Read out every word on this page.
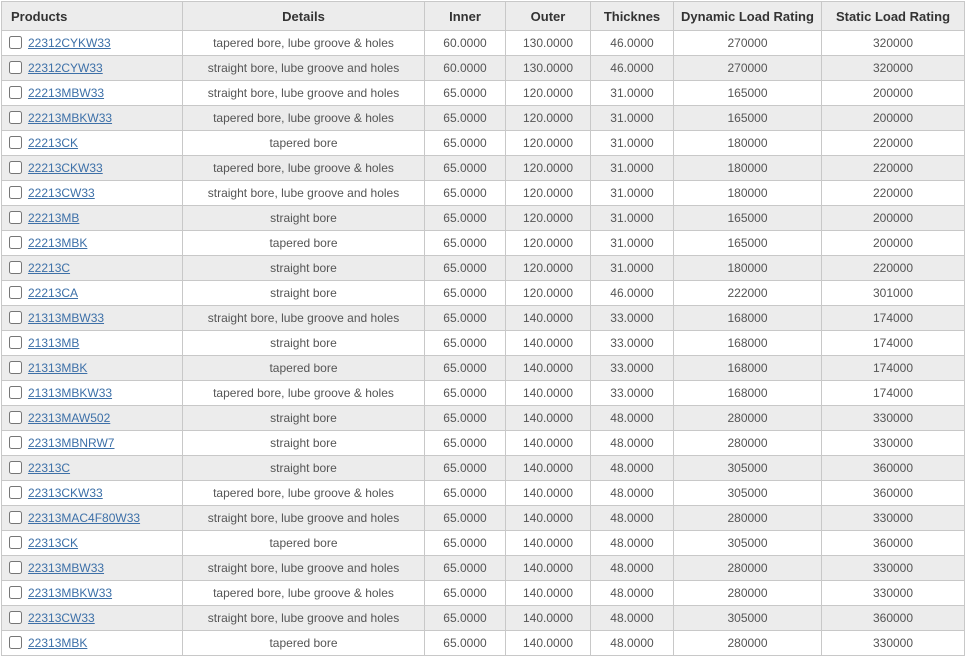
Products	Details	Inner	Outer	Thicknes	Dynamic Load Rating	Static Load Rating
22312CYKW33	tapered bore, lube groove & holes	60.0000	130.0000	46.0000	270000	320000
22312CYW33	straight bore, lube groove and holes	60.0000	130.0000	46.0000	270000	320000
22213MBW33	straight bore, lube groove and holes	65.0000	120.0000	31.0000	165000	200000
22213MBKW33	tapered bore, lube groove & holes	65.0000	120.0000	31.0000	165000	200000
22213CK	tapered bore	65.0000	120.0000	31.0000	180000	220000
22213CKW33	tapered bore, lube groove & holes	65.0000	120.0000	31.0000	180000	220000
22213CW33	straight bore, lube groove and holes	65.0000	120.0000	31.0000	180000	220000
22213MB	straight bore	65.0000	120.0000	31.0000	165000	200000
22213MBK	tapered bore	65.0000	120.0000	31.0000	165000	200000
22213C	straight bore	65.0000	120.0000	31.0000	180000	220000
22213CA	straight bore	65.0000	120.0000	46.0000	222000	301000
21313MBW33	straight bore, lube groove and holes	65.0000	140.0000	33.0000	168000	174000
21313MB	straight bore	65.0000	140.0000	33.0000	168000	174000
21313MBK	tapered bore	65.0000	140.0000	33.0000	168000	174000
21313MBKW33	tapered bore, lube groove & holes	65.0000	140.0000	33.0000	168000	174000
22313MAW502	straight bore	65.0000	140.0000	48.0000	280000	330000
22313MBNRW7	straight bore	65.0000	140.0000	48.0000	280000	330000
22313C	straight bore	65.0000	140.0000	48.0000	305000	360000
22313CKW33	tapered bore, lube groove & holes	65.0000	140.0000	48.0000	305000	360000
22313MAC4F80W33	straight bore, lube groove and holes	65.0000	140.0000	48.0000	280000	330000
22313CK	tapered bore	65.0000	140.0000	48.0000	305000	360000
22313MBW33	straight bore, lube groove and holes	65.0000	140.0000	48.0000	280000	330000
22313MBKW33	tapered bore, lube groove & holes	65.0000	140.0000	48.0000	280000	330000
22313CW33	straight bore, lube groove and holes	65.0000	140.0000	48.0000	305000	360000
22313MBK	tapered bore	65.0000	140.0000	48.0000	280000	330000
